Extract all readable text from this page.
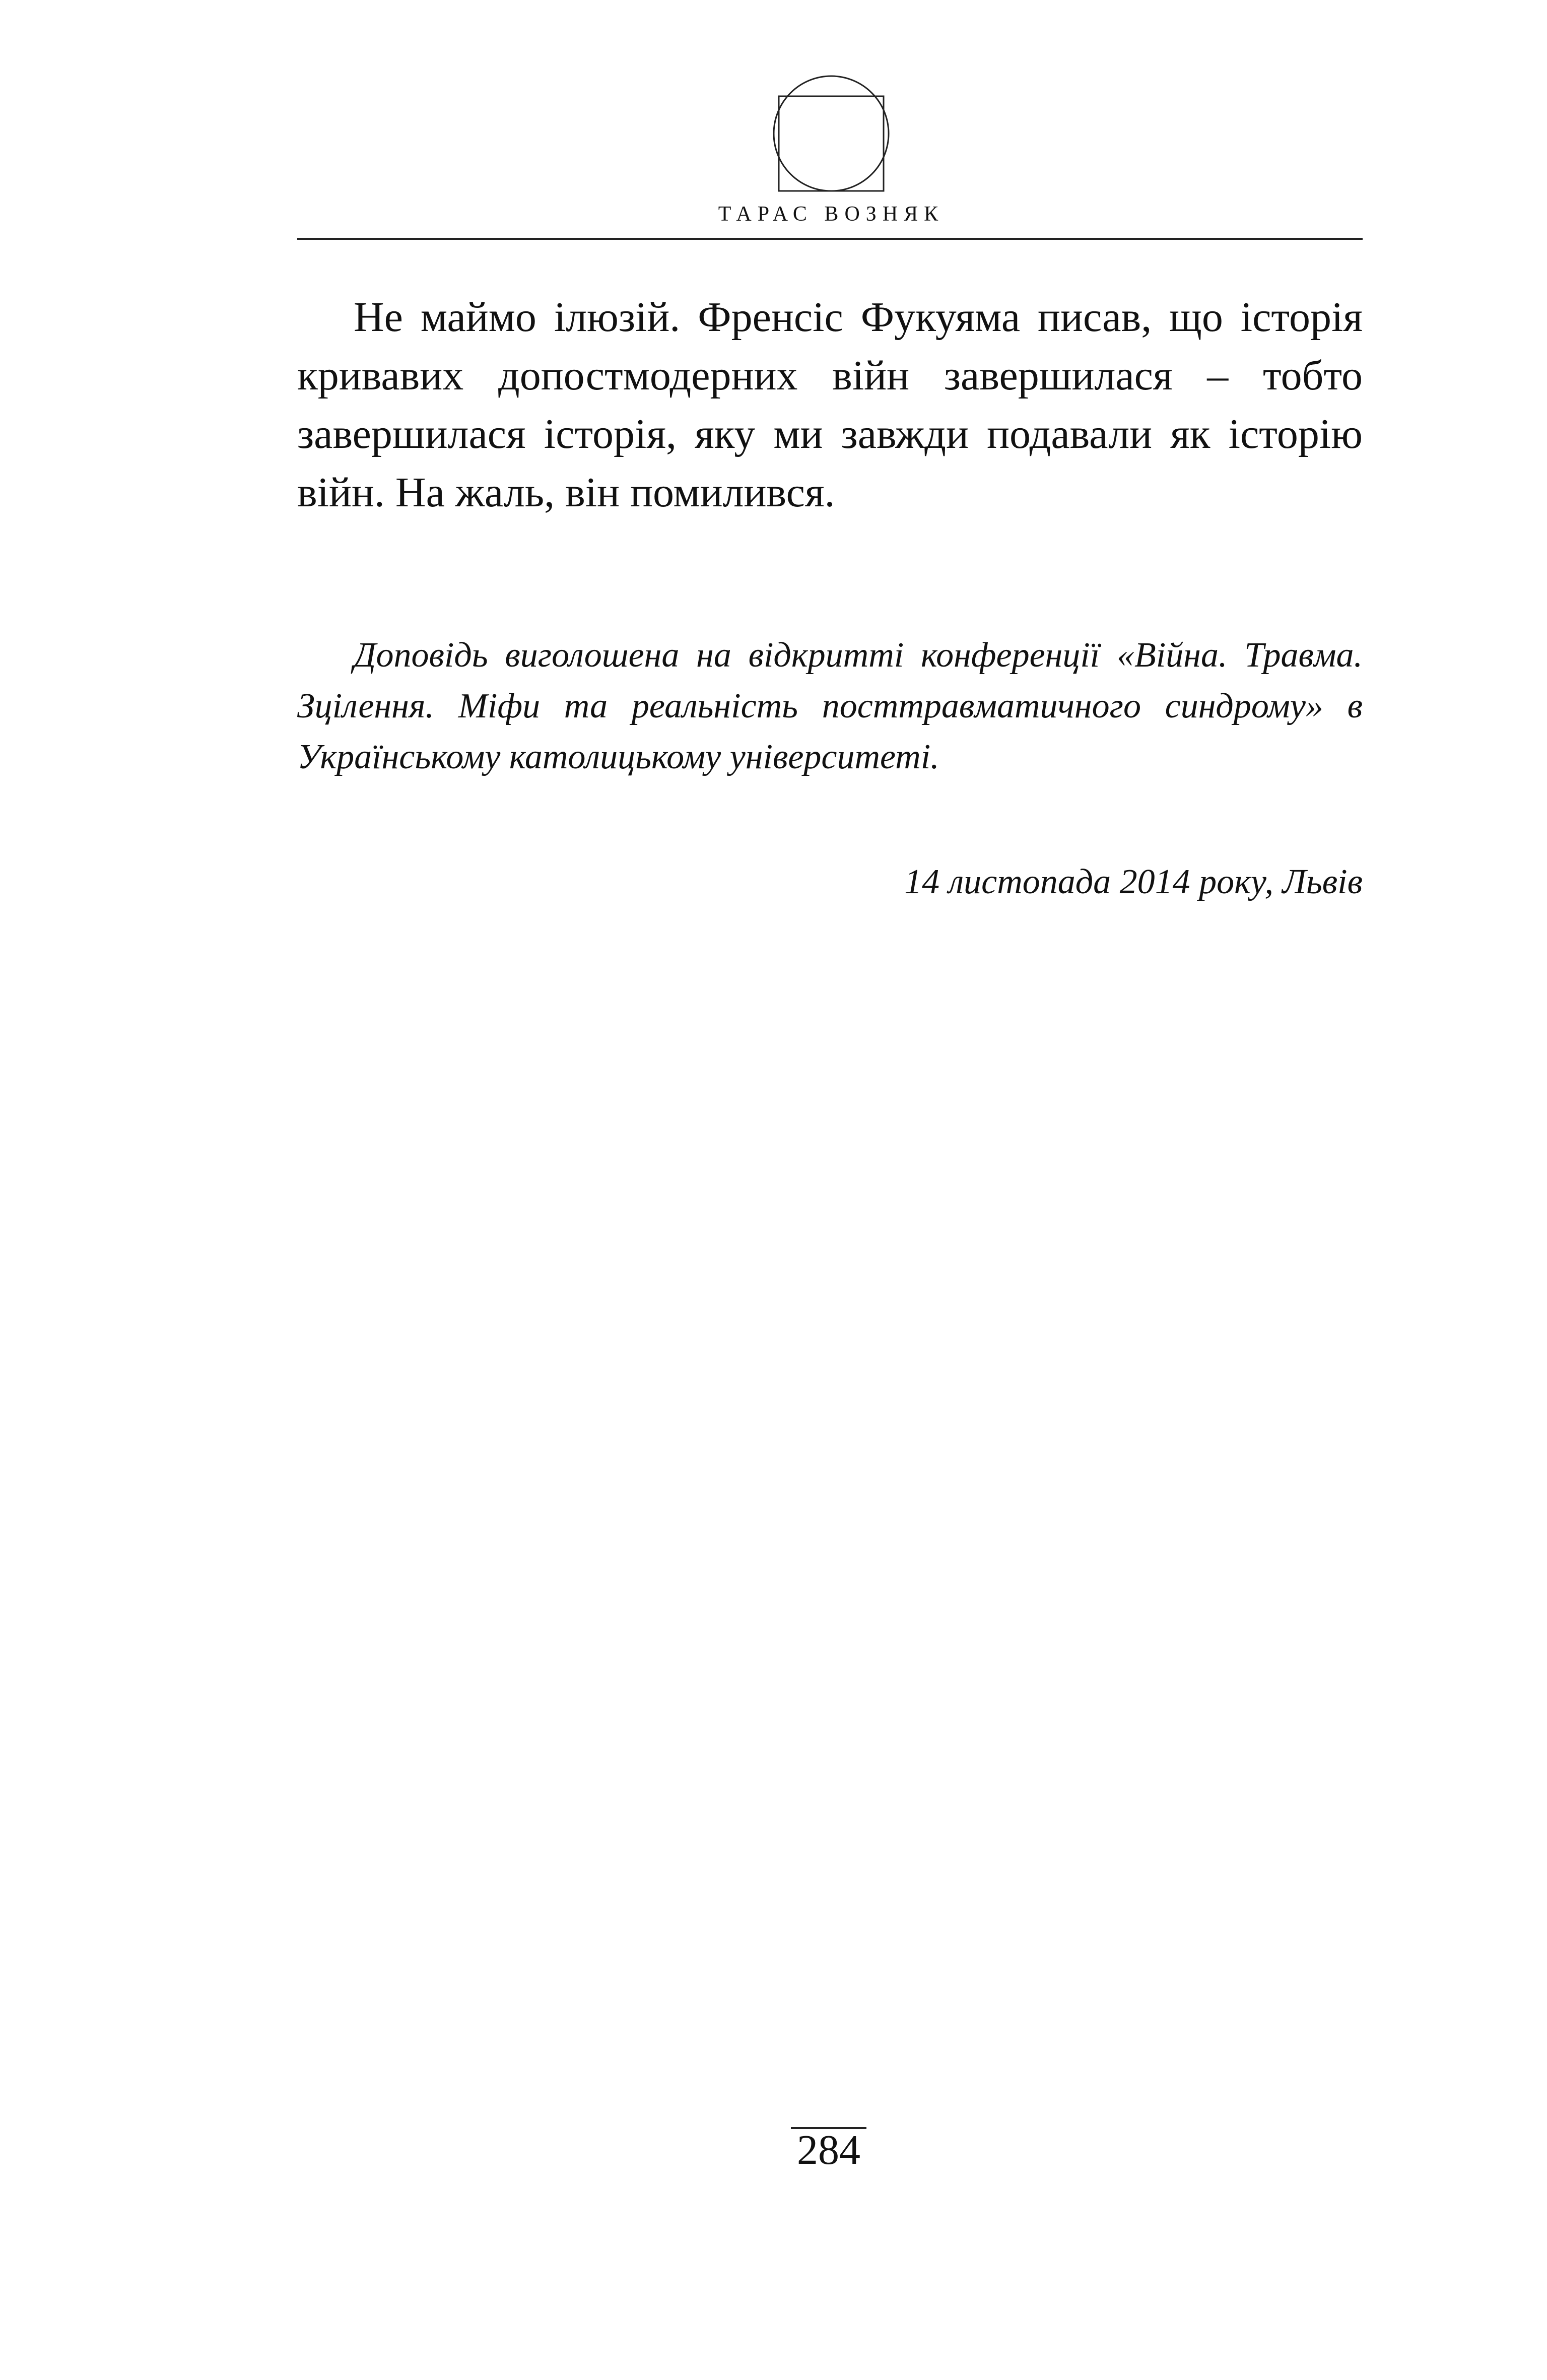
ТАРАС ВОЗНЯК

Не маймо ілюзій. Френсіс Фукуяма писав, що історія кривавих допостмодерних війн завершилася – тобто завершилася історія, яку ми завжди подавали як історію війн. На жаль, він помилився.

Доповідь виголошена на відкритті конференції «Війна. Травма. Зцілення. Міфи та реальність посттравматичного синдрому» в Українському католицькому університеті.

14 листопада 2014 року, Львів

284
